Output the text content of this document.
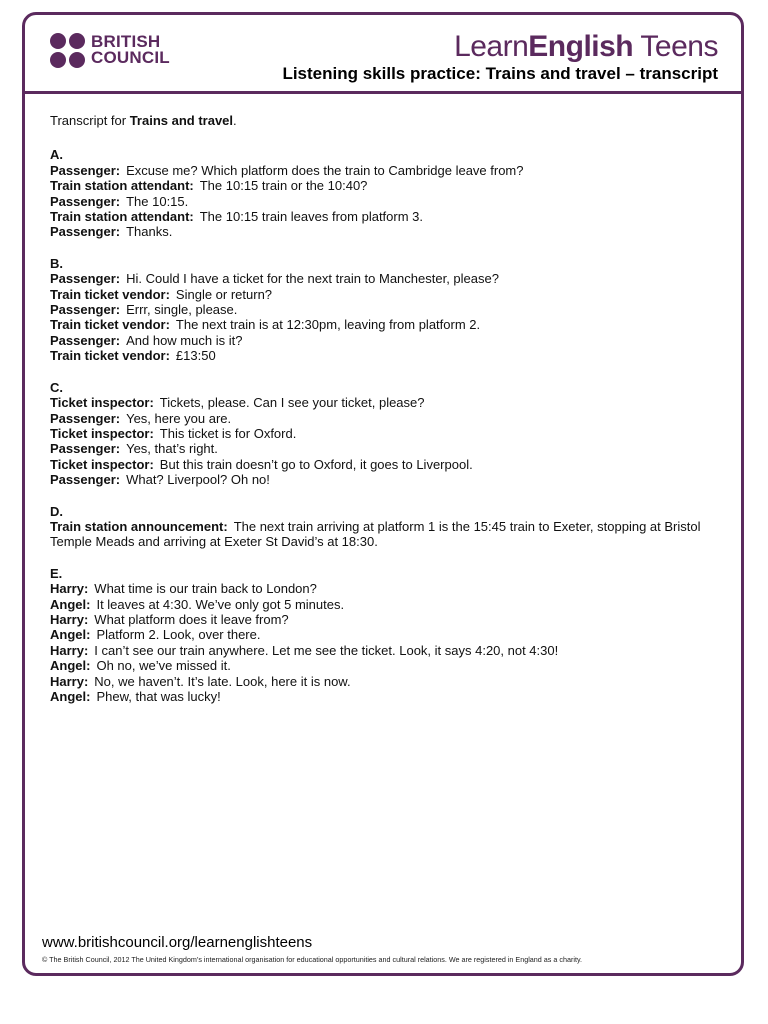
BRITISH
COUNCIL	LearnEnglish Teens
Listening skills practice: Trains and travel – transcript

Transcript for Trains and travel.

A.
Passenger: Excuse me? Which platform does the train to Cambridge leave from?
Train station attendant: The 10:15 train or the 10:40?
Passenger: The 10:15.
Train station attendant: The 10:15 train leaves from platform 3.
Passenger: Thanks.
B.
Passenger: Hi. Could I have a ticket for the next train to Manchester, please?
Train ticket vendor: Single or return?
Passenger: Errr, single, please.
Train ticket vendor: The next train is at 12:30pm, leaving from platform 2.
Passenger: And how much is it?
Train ticket vendor: £13:50
C.
Ticket inspector: Tickets, please. Can I see your ticket, please?
Passenger: Yes, here you are.
Ticket inspector: This ticket is for Oxford.
Passenger: Yes, that’s right.
Ticket inspector: But this train doesn’t go to Oxford, it goes to Liverpool.
Passenger: What? Liverpool? Oh no!
D.
Train station announcement: The next train arriving at platform 1 is the 15:45 train to Exeter, stopping at Bristol Temple Meads and arriving at Exeter St David’s at 18:30.
E.
Harry: What time is our train back to London?
Angel: It leaves at 4:30. We’ve only got 5 minutes.
Harry: What platform does it leave from?
Angel: Platform 2. Look, over there.
Harry: I can’t see our train anywhere. Let me see the ticket. Look, it says 4:20, not 4:30!
Angel: Oh no, we’ve missed it.
Harry: No, we haven’t. It’s late. Look, here it is now.
Angel: Phew, that was lucky!
www.britishcouncil.org/learnenglishteens
© The British Council, 2012 The United Kingdom’s international organisation for educational opportunities and cultural relations. We are registered in England as a charity.
